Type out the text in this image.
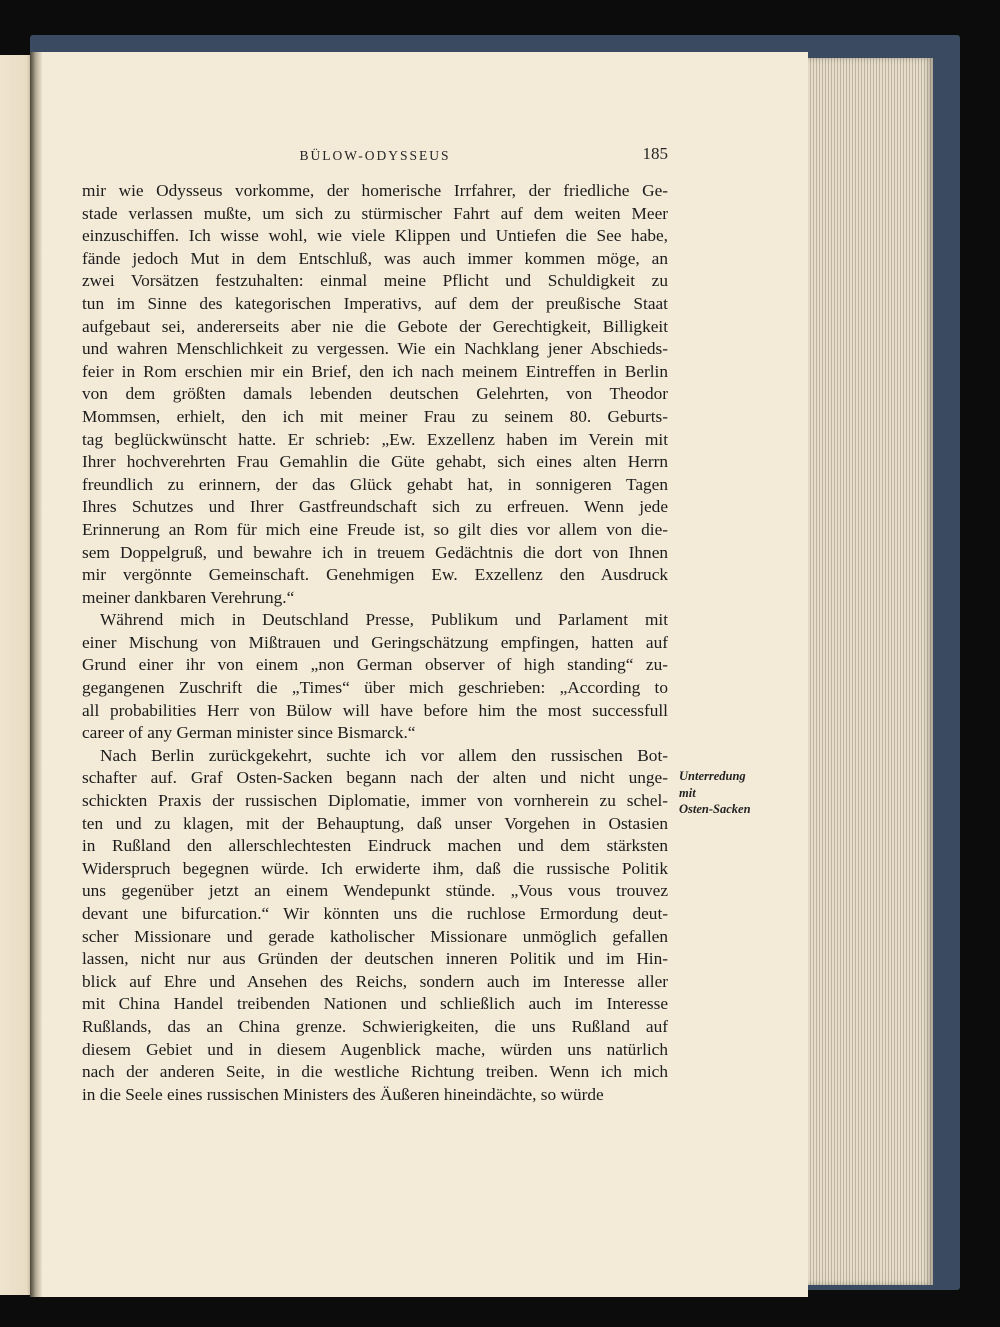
BÜLOW-ODYSSEUS	185
mir wie Odysseus vorkomme, der homerische Irrfahrer, der friedliche Ge-
stade verlassen mußte, um sich zu stürmischer Fahrt auf dem weiten Meer
einzuschiffen. Ich wisse wohl, wie viele Klippen und Untiefen die See habe,
fände jedoch Mut in dem Entschluß, was auch immer kommen möge, an
zwei Vorsätzen festzuhalten: einmal meine Pflicht und Schuldigkeit zu
tun im Sinne des kategorischen Imperativs, auf dem der preußische Staat
aufgebaut sei, andererseits aber nie die Gebote der Gerechtigkeit, Billigkeit
und wahren Menschlichkeit zu vergessen. Wie ein Nachklang jener Abschieds-
feier in Rom erschien mir ein Brief, den ich nach meinem Eintreffen in Berlin
von dem größten damals lebenden deutschen Gelehrten, von Theodor
Mommsen, erhielt, den ich mit meiner Frau zu seinem 80. Geburts-
tag beglückwünscht hatte. Er schrieb: „Ew. Exzellenz haben im Verein mit
Ihrer hochverehrten Frau Gemahlin die Güte gehabt, sich eines alten Herrn
freundlich zu erinnern, der das Glück gehabt hat, in sonnigeren Tagen
Ihres Schutzes und Ihrer Gastfreundschaft sich zu erfreuen. Wenn jede
Erinnerung an Rom für mich eine Freude ist, so gilt dies vor allem von die-
sem Doppelgruß, und bewahre ich in treuem Gedächtnis die dort von Ihnen
mir vergönnte Gemeinschaft. Genehmigen Ew. Exzellenz den Ausdruck
meiner dankbaren Verehrung.“
Während mich in Deutschland Presse, Publikum und Parlament mit
einer Mischung von Mißtrauen und Geringschätzung empfingen, hatten auf
Grund einer ihr von einem „non German observer of high standing“ zu-
gegangenen Zuschrift die „Times“ über mich geschrieben: „According to
all probabilities Herr von Bülow will have before him the most successfull
career of any German minister since Bismarck.“
Nach Berlin zurückgekehrt, suchte ich vor allem den russischen Bot-
schafter auf. Graf Osten-Sacken begann nach der alten und nicht unge-
schickten Praxis der russischen Diplomatie, immer von vornherein zu schel-
ten und zu klagen, mit der Behauptung, daß unser Vorgehen in Ostasien
in Rußland den allerschlechtesten Eindruck machen und dem stärksten
Widerspruch begegnen würde. Ich erwiderte ihm, daß die russische Politik
uns gegenüber jetzt an einem Wendepunkt stünde. „Vous vous trouvez
devant une bifurcation.“ Wir könnten uns die ruchlose Ermordung deut-
scher Missionare und gerade katholischer Missionare unmöglich gefallen
lassen, nicht nur aus Gründen der deutschen inneren Politik und im Hin-
blick auf Ehre und Ansehen des Reichs, sondern auch im Interesse aller
mit China Handel treibenden Nationen und schließlich auch im Interesse
Rußlands, das an China grenze. Schwierigkeiten, die uns Rußland auf
diesem Gebiet und in diesem Augenblick mache, würden uns natürlich
nach der anderen Seite, in die westliche Richtung treiben. Wenn ich mich
in die Seele eines russischen Ministers des Äußeren hineindächte, so würde
Unterredung
mit
Osten-Sacken
